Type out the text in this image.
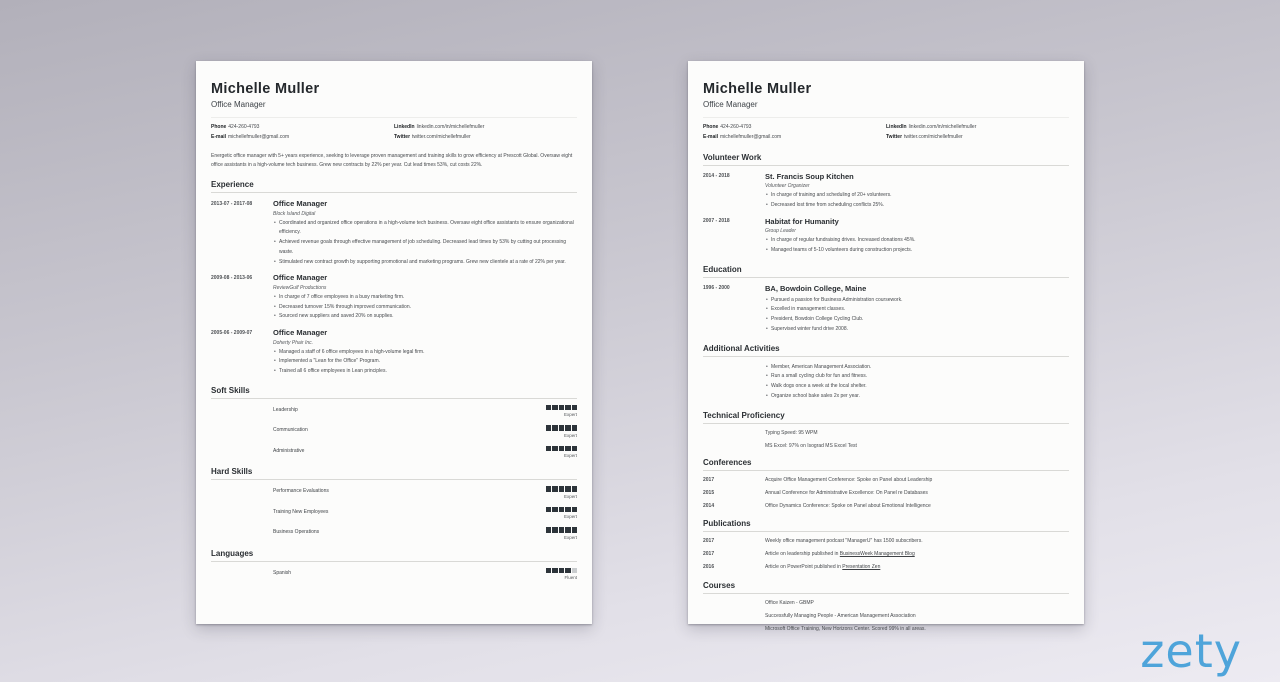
Michelle Muller
Office Manager
Phone 424-260-4793
E-mail michellefmuller@gmail.com
LinkedIn linkedin.com/in/michellefmuller
Twitter twitter.com/michellefmuller
Energetic office manager with 5+ years experience, seeking to leverage proven management and training skills to grow efficiency at Prescott Global. Oversaw eight office assistants in a high-volume tech business. Grew new contracts by 22% per year. Cut lead times 53%, cut costs 22%.
Experience
2013-07 - 2017-08	Office Manager
Block Island Digital
• Coordinated and organized office operations in a high-volume tech business. Oversaw eight office assistants to ensure organizational efficiency.
• Achieved revenue goals through effective management of job scheduling. Decreased lead times by 53% by cutting out processing waste.
• Stimulated new contract growth by supporting promotional and marketing programs. Grew new clientele at a rate of 22% per year.
2009-08 - 2013-06	Office Manager
ReviewGulf Productions
• In charge of 7 office employees in a busy marketing firm.
• Decreased turnover 15% through improved communication.
• Sourced new suppliers and saved 20% on supplies.
2005-06 - 2009-07	Office Manager
Doherty Phair Inc.
• Managed a staff of 6 office employees in a high-volume legal firm.
• Implemented a "Lean for the Office" Program.
• Trained all 6 office employees in Lean principles.
Soft Skills
Leadership
Expert
Communication
Expert
Administrative
Expert
Hard Skills
Performance Evaluations
Expert
Training New Employees
Expert
Business Operations
Expert
Languages
Spanish
Fluent
Michelle Muller
Office Manager
Phone 424-260-4793
E-mail michellefmuller@gmail.com
LinkedIn linkedin.com/in/michellefmuller
Twitter twitter.com/michellefmuller
Volunteer Work
2014 - 2018	St. Francis Soup Kitchen
Volunteer Organizer
• In charge of training and scheduling of 20+ volunteers.
• Decreased lost time from scheduling conflicts 25%.
2007 - 2018	Habitat for Humanity
Group Leader
• In charge of regular fundraising drives. Increased donations 45%.
• Managed teams of 5-10 volunteers during construction projects.
Education
1996 - 2000	BA, Bowdoin College, Maine
• Pursued a passion for Business Administration coursework.
• Excelled in management classes.
• President, Bowdoin College Cycling Club.
• Supervised winter fund drive 2008.
Additional Activities
• Member, American Management Association.
• Run a small cycling club for fun and fitness.
• Walk dogs once a week at the local shelter.
• Organize school bake sales 2x per year.
Technical Proficiency
Typing Speed: 95 WPM
MS Excel: 97% on Isograd MS Excel Test
Conferences
2017	Acquire Office Management Conference: Spoke on Panel about Leadership
2015	Annual Conference for Administrative Excellence: On Panel re Databases
2014	Office Dynamics Conference: Spoke on Panel about Emotional Intelligence
Publications
2017	Weekly office management podcast "ManagerU" has 1500 subscribers.
2017	Article on leadership published in BusinessWeek Management Blog
2016	Article on PowerPoint published in Presentation Zen
Courses
Office Kaizen - GBMP
Successfully Managing People - American Management Association
Microsoft Office Training, New Horizons Center. Scored 99% in all areas.	zety
